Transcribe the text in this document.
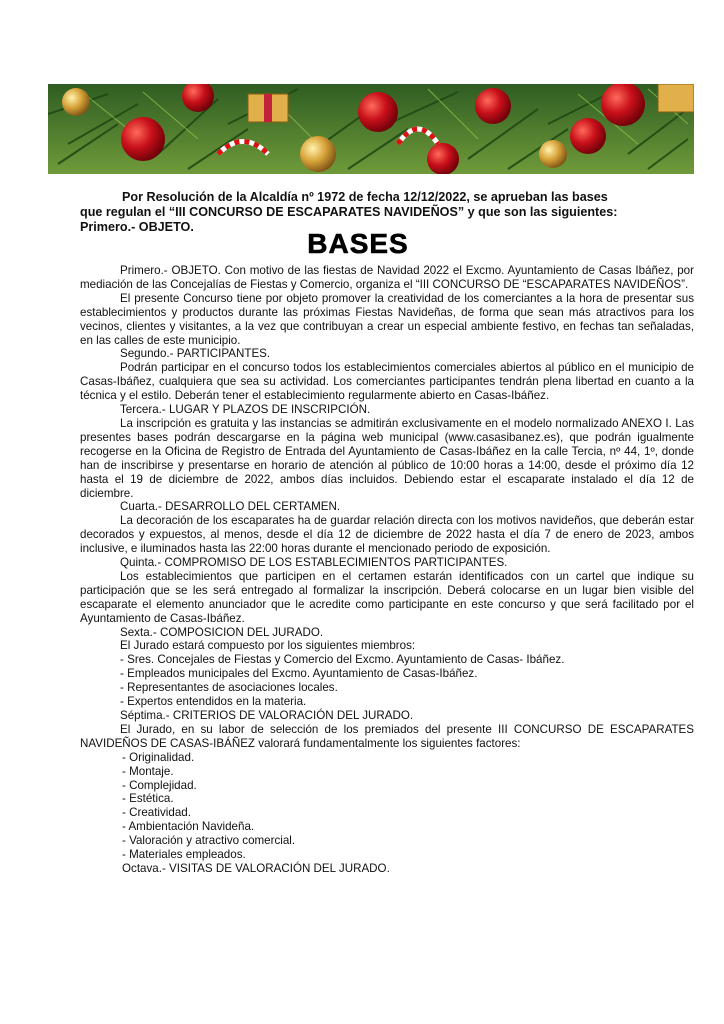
Por Resolución de la Alcaldía nº 1972 de fecha 12/12/2022, se aprueban las bases

que regulan el “III CONCURSO DE ESCAPARATES NAVIDEÑOS” y que son las siguientes:

Primero.- OBJETO.

BASES

Primero.- OBJETO. Con motivo de las fiestas de Navidad 2022 el Excmo. Ayuntamiento de Casas Ibáñez, por mediación de las Concejalías de Fiestas y Comercio, organiza el “III CONCURSO DE “ESCAPARATES NAVIDEÑOS”.

El presente Concurso tiene por objeto promover la creatividad de los comerciantes a la hora de presentar sus establecimientos y productos durante las próximas Fiestas Navideñas, de forma que sean más atractivos para los vecinos, clientes y visitantes, a la vez que contribuyan a crear un especial ambiente festivo, en fechas tan señaladas, en las calles de este municipio.

Segundo.- PARTICIPANTES.

Podrán participar en el concurso todos los establecimientos comerciales abiertos al público en el municipio de Casas-Ibáñez, cualquiera que sea su actividad. Los comerciantes participantes tendrán plena libertad en cuanto a la técnica y el estilo. Deberán tener el establecimiento regularmente abierto en Casas-Ibáñez.

Tercera.- LUGAR Y PLAZOS DE INSCRIPCIÓN.

La inscripción es gratuita y las instancias se admitirán exclusivamente en el modelo normalizado ANEXO I. Las presentes bases podrán descargarse en la página web municipal (www.casasibanez.es), que podrán igualmente recogerse en la Oficina de Registro de Entrada del Ayuntamiento de Casas-Ibáñez en la calle Tercia, nº 44, 1º, donde han de inscribirse y presentarse en horario de atención al público de 10:00 horas a 14:00, desde el próximo día 12 hasta el 19 de diciembre de 2022, ambos días incluidos. Debiendo estar el escaparate instalado el día 12 de diciembre.

Cuarta.- DESARROLLO DEL CERTAMEN.

La decoración de los escaparates ha de guardar relación directa con los motivos navideños, que deberán estar decorados y expuestos, al menos, desde el día 12 de diciembre de 2022 hasta el día 7 de enero de 2023, ambos inclusive, e iluminados hasta las 22:00 horas durante el mencionado periodo de exposición.

Quinta.- COMPROMISO DE LOS ESTABLECIMIENTOS PARTICIPANTES.

Los establecimientos que participen en el certamen estarán identificados con un cartel que indique su participación que se les será entregado al formalizar la inscripción. Deberá colocarse en un lugar bien visible del escaparate el elemento anunciador que le acredite como participante en este concurso y que será facilitado por el Ayuntamiento de Casas-Ibáñez.

Sexta.- COMPOSICION DEL JURADO.

El Jurado estará compuesto por los siguientes miembros:

- Sres. Concejales de Fiestas y Comercio del Excmo. Ayuntamiento de Casas- Ibáñez.

- Empleados municipales del Excmo. Ayuntamiento de Casas-Ibáñez.

- Representantes de asociaciones locales.

- Expertos entendidos en la materia.

Séptima.- CRITERIOS DE VALORACIÓN DEL JURADO.

El Jurado, en su labor de selección de los premiados del presente III CONCURSO DE ESCAPARATES NAVIDEÑOS DE CASAS-IBÁÑEZ valorará fundamentalmente los siguientes factores:

- Originalidad.

- Montaje.

- Complejidad.

- Estética.

- Creatividad.

- Ambientación Navideña.

- Valoración y atractivo comercial.

- Materiales empleados.

Octava.- VISITAS DE VALORACIÓN DEL JURADO.
